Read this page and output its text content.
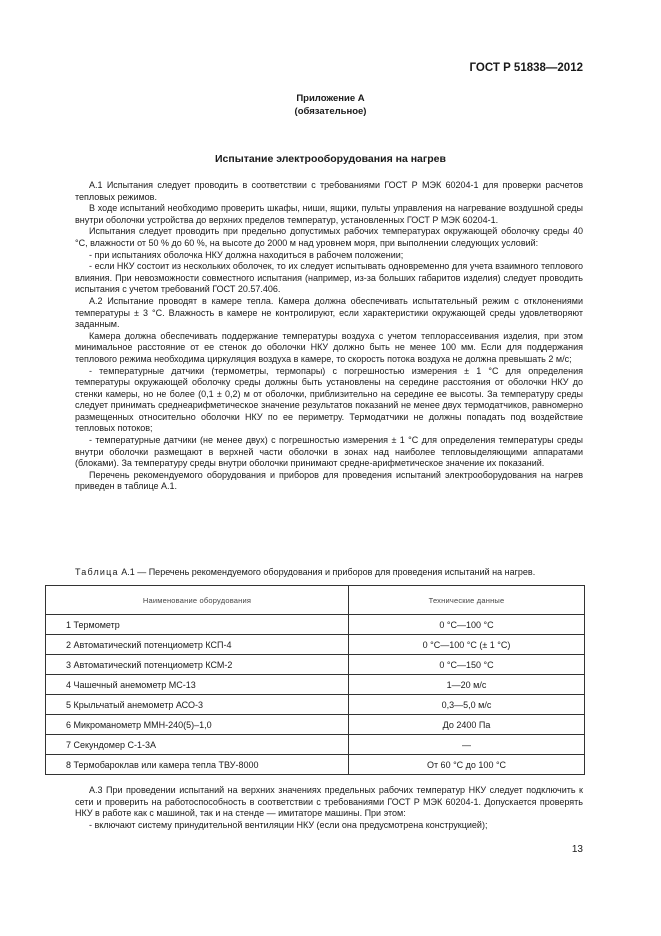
ГОСТ Р 51838—2012
Приложение А
(обязательное)
Испытание электрооборудования на нагрев

А.1 Испытания следует проводить в соответствии с требованиями ГОСТ Р МЭК 60204-1 для проверки расчетов тепловых режимов.

В ходе испытаний необходимо проверить шкафы, ниши, ящики, пульты управления на нагревание воздушной среды внутри оболочки устройства до верхних пределов температур, установленных ГОСТ Р МЭК 60204-1.

Испытания следует проводить при предельно допустимых рабочих температурах окружающей оболочку среды 40 °С, влажности от 50 % до 60 %, на высоте до 2000 м над уровнем моря, при выполнении следующих условий:

- при испытаниях оболочка НКУ должна находиться в рабочем положении;

- если НКУ состоит из нескольких оболочек, то их следует испытывать одновременно для учета взаимного теплового влияния. При невозможности совместного испытания (например, из-за больших габаритов изделия) следует проводить испытания с учетом требований ГОСТ 20.57.406.

А.2 Испытание проводят в камере тепла. Камера должна обеспечивать испытательный режим с отклонениями температуры ± 3 °С. Влажность в камере не контролируют, если характеристики окружающей среды удовлетворяют заданным.

Камера должна обеспечивать поддержание температуры воздуха с учетом теплорассеивания изделия, при этом минимальное расстояние от ее стенок до оболочки НКУ должно быть не менее 100 мм. Если для поддержания теплового режима необходима циркуляция воздуха в камере, то скорость потока воздуха не должна превышать 2 м/с;

- температурные датчики (термометры, термопары) с погрешностью измерения ± 1 °С для определения температуры окружающей оболочку среды должны быть установлены на середине расстояния от оболочки НКУ до стенки камеры, но не более (0,1 ± 0,2) м от оболочки, приблизительно на середине ее высоты. За температуру среды следует принимать среднеарифметическое значение результатов показаний не менее двух термодатчиков, равномерно размещенных относительно оболочки НКУ по ее периметру. Термодатчики не должны попадать под воздействие тепловых потоков;

- температурные датчики (не менее двух) с погрешностью измерения ± 1 °С для определения температуры среды внутри оболочки размещают в верхней части оболочки в зонах над наиболее тепловыделяющими аппаратами (блоками). За температуру среды внутри оболочки принимают средне-арифметическое значение их показаний.

Перечень рекомендуемого оборудования и приборов для проведения испытаний электрооборудования на нагрев приведен в таблице А.1.

Таблица А.1 — Перечень рекомендуемого оборудования и приборов для проведения испытаний на нагрев.
Наименование оборудования	Технические данные
1 Термометр	0 °С—100 °С
2 Автоматический потенциометр КСП-4	0 °С—100 °С (± 1 °С)
3 Автоматический потенциометр КСМ-2	0 °С—150 °С
4 Чашечный анемометр МС-13	1—20 м/с
5 Крыльчатый анемометр АСО-3	0,3—5,0 м/с
6 Микроманометр ММН-240(5)–1,0	До 2400 Па
7 Секундомер С-1-3А	—
8 Термобароклав или камера тепла ТВУ-8000	От 60 °С до 100 °С

А.3 При проведении испытаний на верхних значениях предельных рабочих температур НКУ следует подключить к сети и проверить на работоспособность в соответствии с требованиями ГОСТ Р МЭК 60204-1. Допускается проверять НКУ в работе как с машиной, так и на стенде — имитаторе машины. При этом:

- включают систему принудительной вентиляции НКУ (если она предусмотрена конструкцией);

13
